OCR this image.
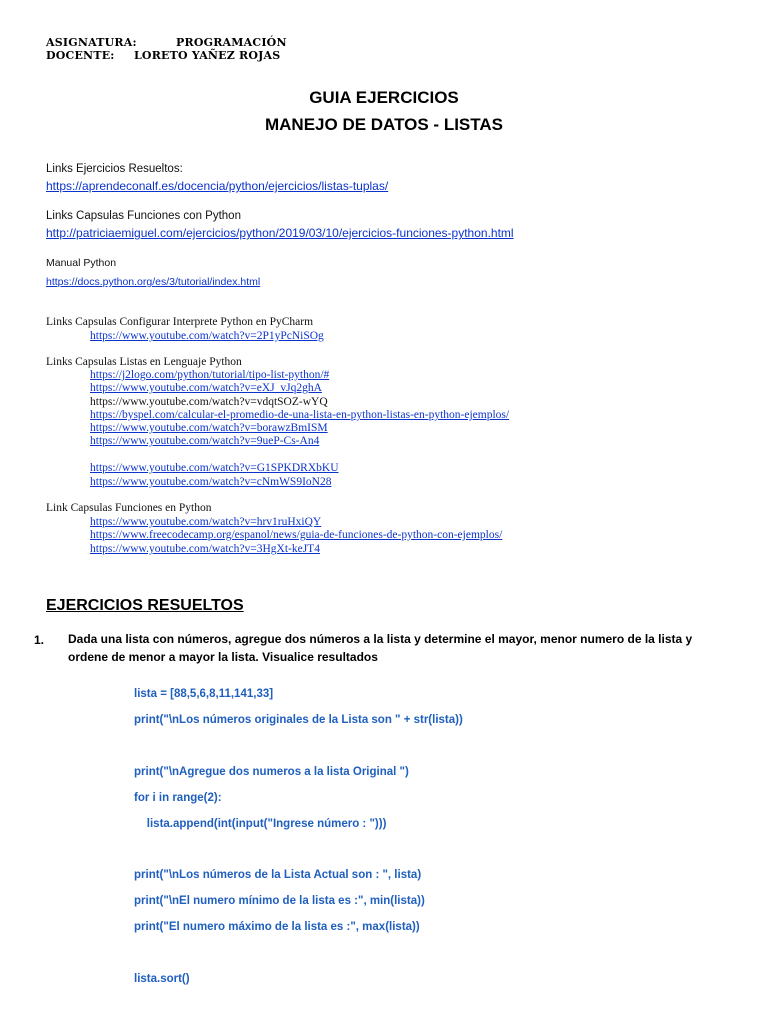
ASIGNATURA:	PROGRAMACIÓN
DOCENTE: LORETO YAÑEZ ROJAS
GUIA EJERCICIOS
MANEJO DE DATOS - LISTAS
Links Ejercicios Resueltos:
https://aprendeconalf.es/docencia/python/ejercicios/listas-tuplas/
Links Capsulas Funciones con Python
http://patriciaemiguel.com/ejercicios/python/2019/03/10/ejercicios-funciones-python.html
Manual Python
https://docs.python.org/es/3/tutorial/index.html
Links Capsulas Configurar Interprete Python en PyCharm
https://www.youtube.com/watch?v=2P1yPcNiSOg
Links Capsulas Listas en Lenguaje Python
https://j2logo.com/python/tutorial/tipo-list-python/#
https://www.youtube.com/watch?v=eXJ_vJq2ghA
https://www.youtube.com/watch?v=vdqtSOZ-wYQ
https://byspel.com/calcular-el-promedio-de-una-lista-en-python-listas-en-python-ejemplos/
https://www.youtube.com/watch?v=borawzBmISM
https://www.youtube.com/watch?v=9ueP-Cs-An4
https://www.youtube.com/watch?v=G1SPKDRXbKU
https://www.youtube.com/watch?v=cNmWS9IoN28
Link Capsulas Funciones en Python
https://www.youtube.com/watch?v=hrv1ruHxiQY
https://www.freecodecamp.org/espanol/news/guia-de-funciones-de-python-con-ejemplos/
https://www.youtube.com/watch?v=3HgXt-keJT4
EJERCICIOS RESUELTOS
1. Dada una lista con números, agregue dos números a la lista y determine el mayor, menor numero de la lista y ordene de menor a mayor la lista. Visualice resultados
lista = [88,5,6,8,11,141,33]
print("\nLos números originales de la Lista son " + str(lista))
print("\nAgregue dos numeros a la lista Original ")
for i in range(2):
lista.append(int(input("Ingrese número : ")))
print("\nLos números de la Lista Actual son : ", lista)
print("\nEl numero mínimo de la lista es :", min(lista))
print("El numero máximo de la lista es :", max(lista))
lista.sort()
